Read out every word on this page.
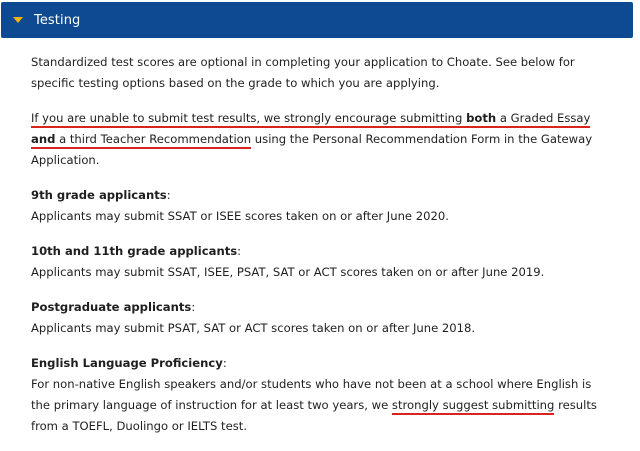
Testing

Standardized test scores are optional in completing your application to Choate. See below for specific testing options based on the grade to which you are applying.

If you are unable to submit test results, we strongly encourage submitting both a Graded Essay and a third Teacher Recommendation using the Personal Recommendation Form in the Gateway Application.

9th grade applicants:
Applicants may submit SSAT or ISEE scores taken on or after June 2020.
10th and 11th grade applicants:
Applicants may submit SSAT, ISEE, PSAT, SAT or ACT scores taken on or after June 2019.
Postgraduate applicants:
Applicants may submit PSAT, SAT or ACT scores taken on or after June 2018.
English Language Proficiency:
For non-native English speakers and/or students who have not been at a school where English is the primary language of instruction for at least two years, we strongly suggest submitting results from a TOEFL, Duolingo or IELTS test.
